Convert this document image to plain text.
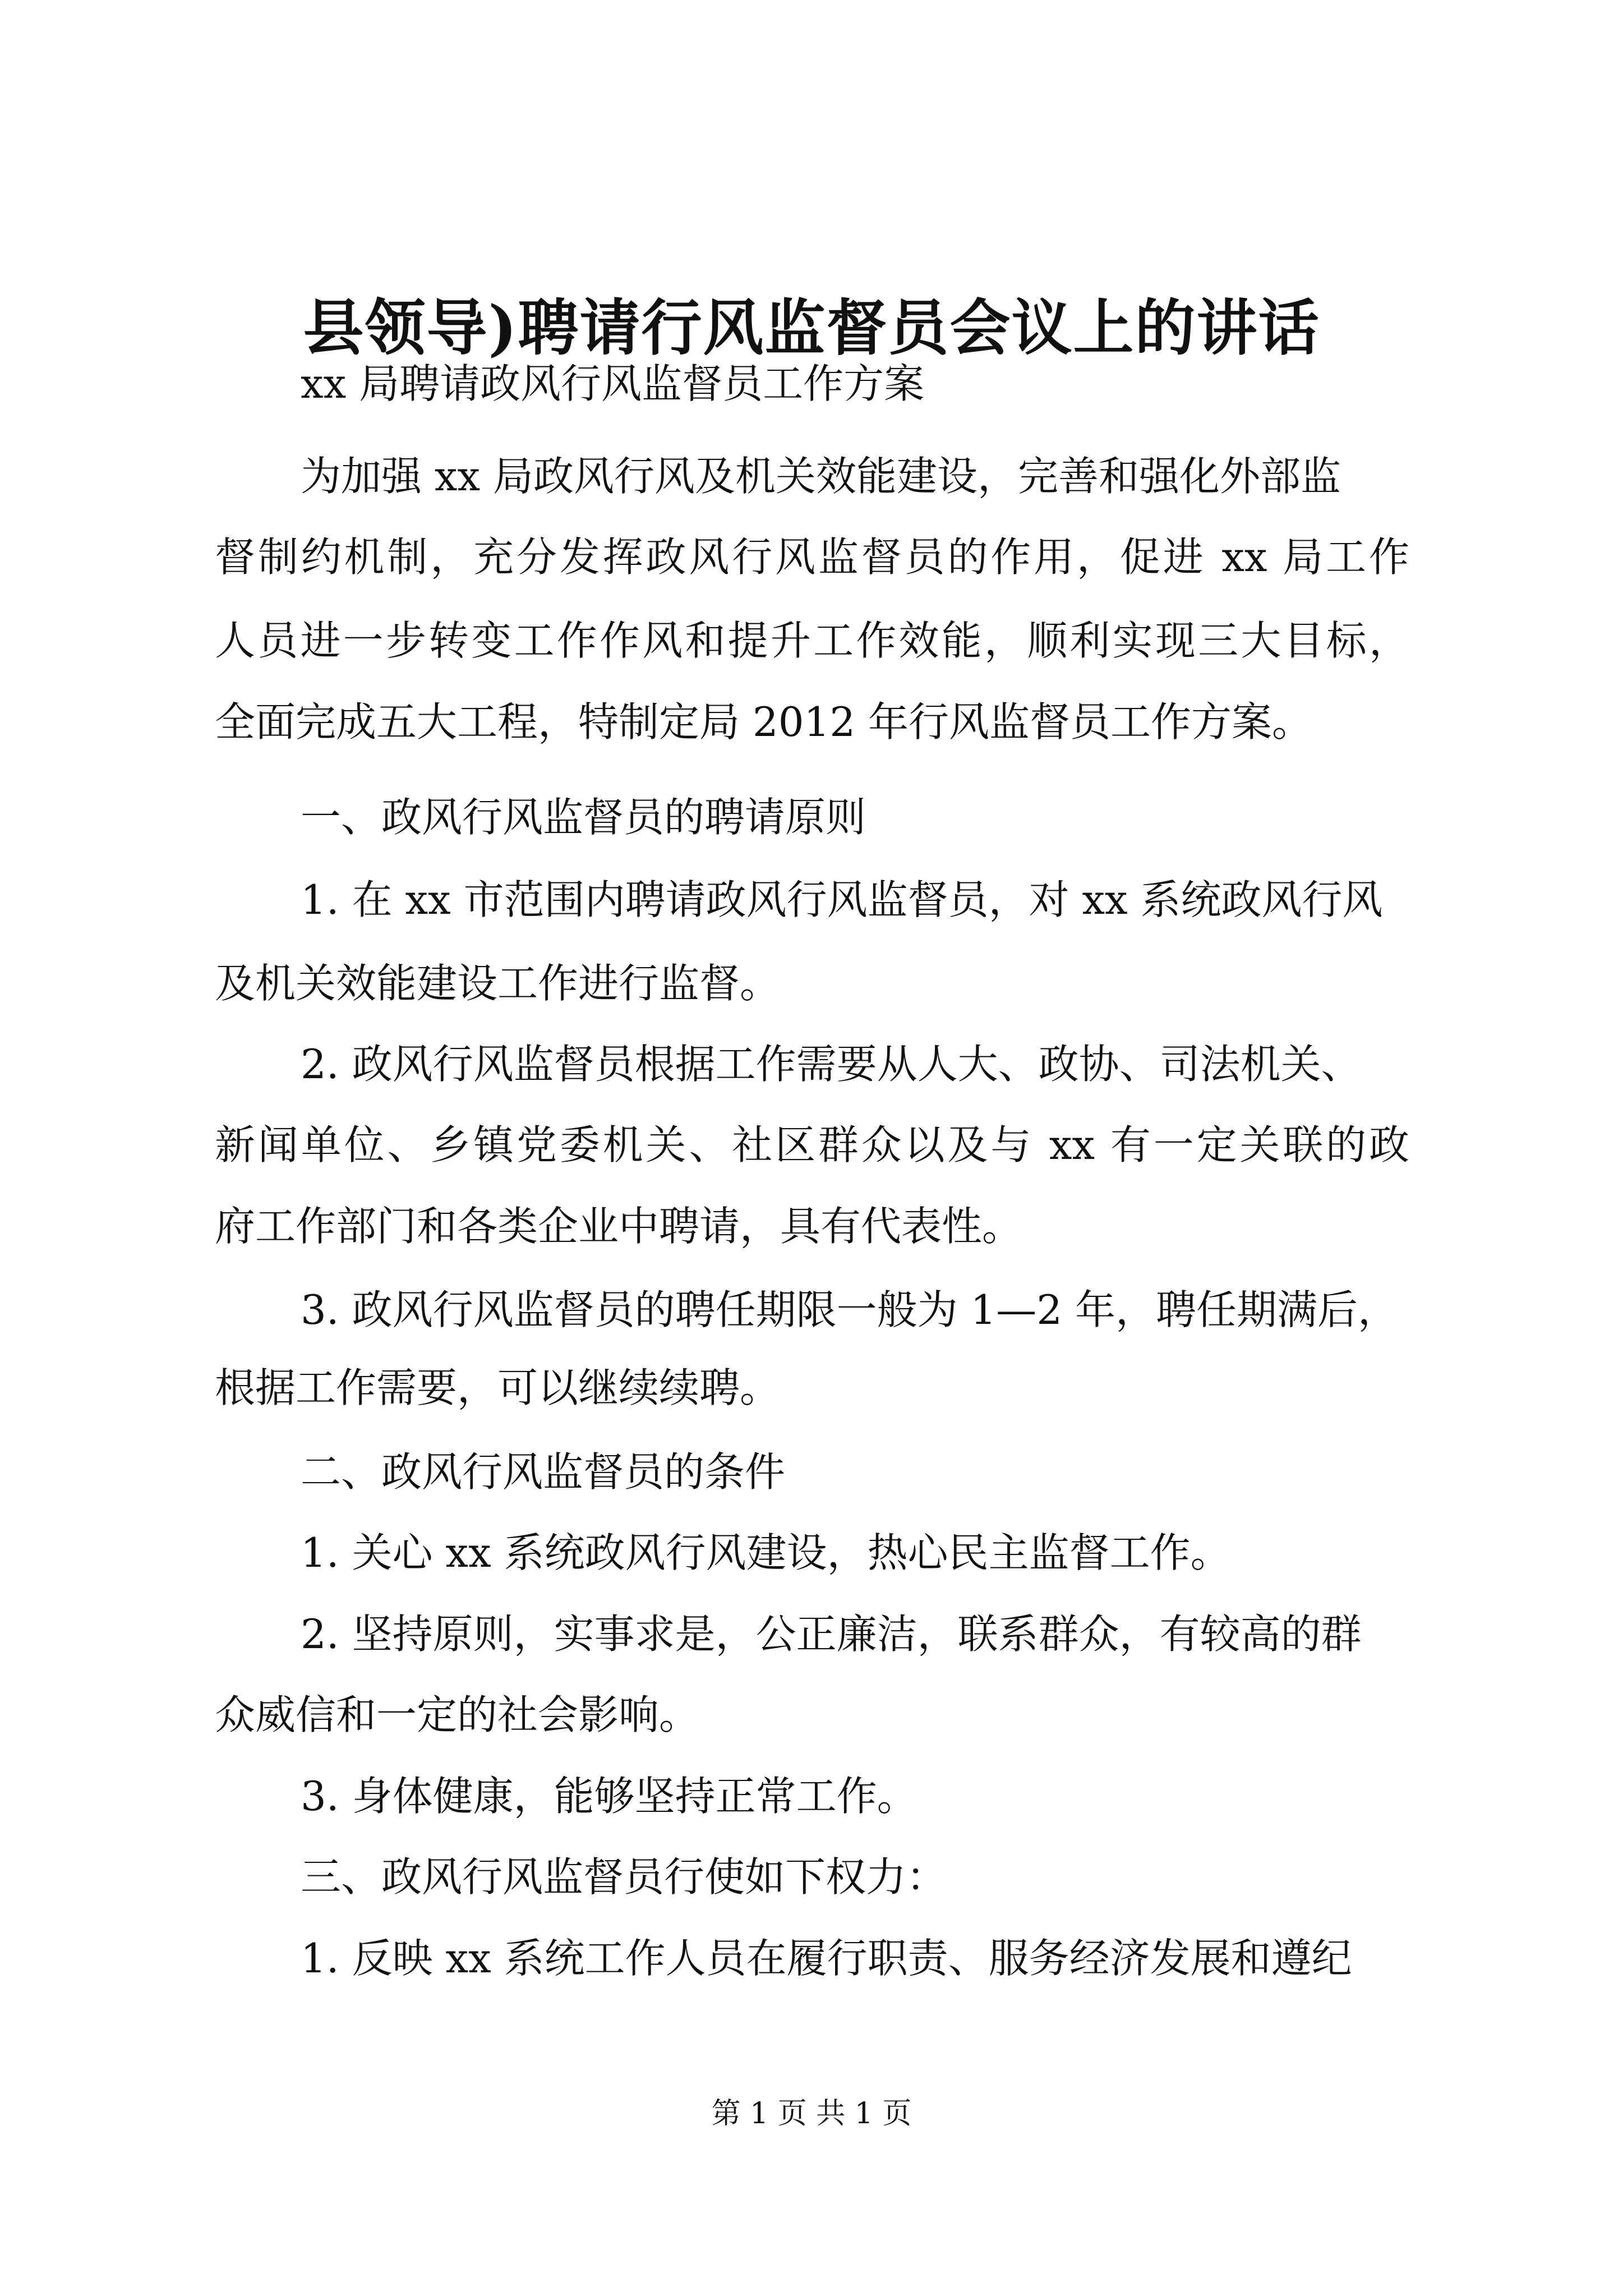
县领导)聘请行风监督员会议上的讲话
xx 局聘请政风行风监督员工作方案
为加强 xx 局政风行风及机关效能建设，完善和强化外部监
督制约机制，充分发挥政风行风监督员的作用，促进 xx 局工作
人员进一步转变工作作风和提升工作效能，顺利实现三大目标，
全面完成五大工程，特制定局 2012 年行风监督员工作方案。
一、政风行风监督员的聘请原则
1. 在 xx 市范围内聘请政风行风监督员，对 xx 系统政风行风
及机关效能建设工作进行监督。
2. 政风行风监督员根据工作需要从人大、政协、司法机关、
新闻单位、乡镇党委机关、社区群众以及与 xx 有一定关联的政
府工作部门和各类企业中聘请，具有代表性。
3. 政风行风监督员的聘任期限一般为 1—2 年，聘任期满后，
根据工作需要，可以继续续聘。
二、政风行风监督员的条件
1. 关心 xx 系统政风行风建设，热心民主监督工作。
2. 坚持原则，实事求是，公正廉洁，联系群众，有较高的群
众威信和一定的社会影响。
3. 身体健康，能够坚持正常工作。
三、政风行风监督员行使如下权力：
1. 反映 xx 系统工作人员在履行职责、服务经济发展和遵纪
第 1 页 共 1 页
